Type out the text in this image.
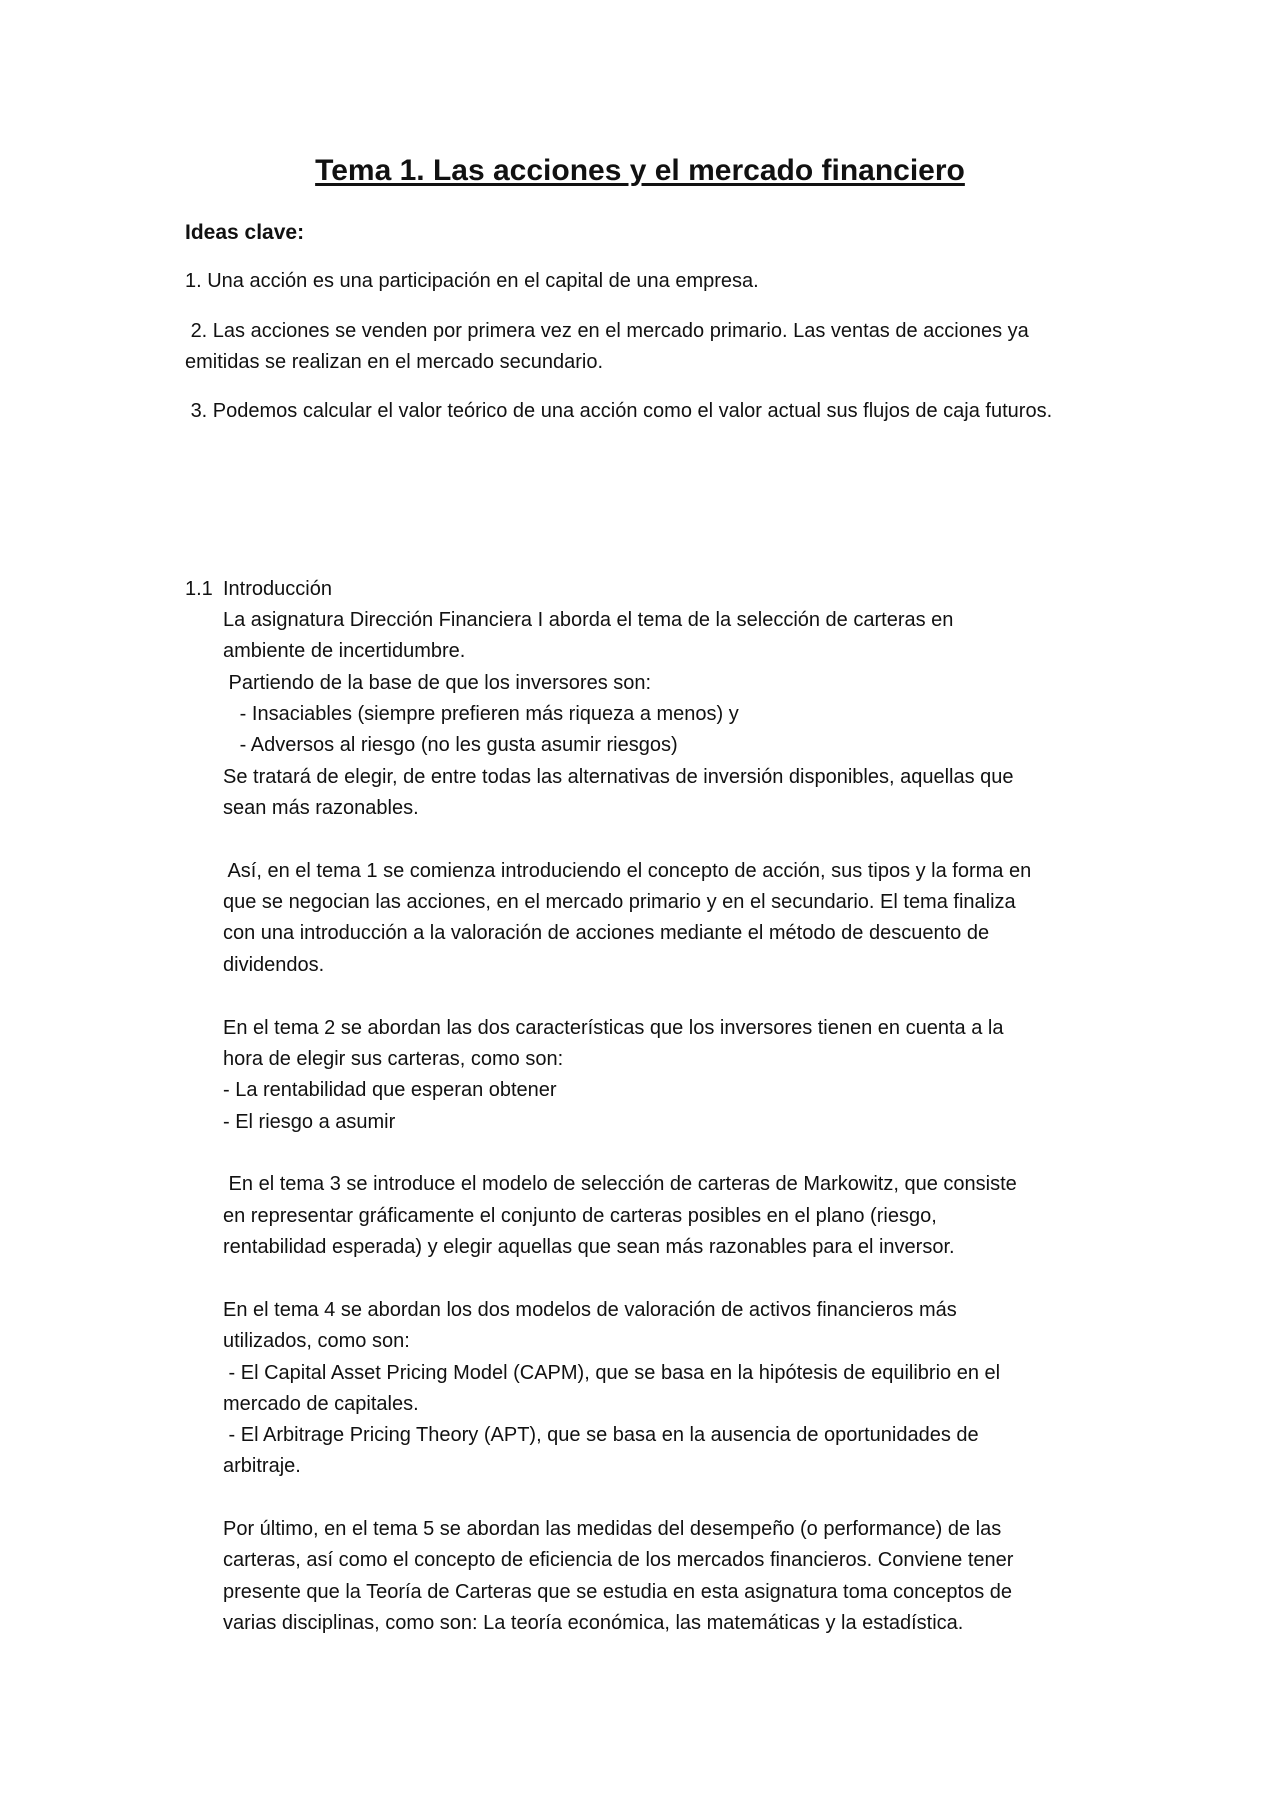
Tema 1. Las acciones y el mercado financiero
Ideas clave:

1. Una acción es una participación en el capital de una empresa.

2. Las acciones se venden por primera vez en el mercado primario. Las ventas de acciones ya emitidas se realizan en el mercado secundario.

3. Podemos calcular el valor teórico de una acción como el valor actual sus flujos de caja futuros.

1.1 Introducción

La asignatura Dirección Financiera I aborda el tema de la selección de carteras en

ambiente de incertidumbre.

Partiendo de la base de que los inversores son:

- Insaciables (siempre prefieren más riqueza a menos) y

- Adversos al riesgo (no les gusta asumir riesgos)

Se tratará de elegir, de entre todas las alternativas de inversión disponibles, aquellas que

sean más razonables.

Así, en el tema 1 se comienza introduciendo el concepto de acción, sus tipos y la forma en

que se negocian las acciones, en el mercado primario y en el secundario. El tema finaliza

con una introducción a la valoración de acciones mediante el método de descuento de

dividendos.

En el tema 2 se abordan las dos características que los inversores tienen en cuenta a la

hora de elegir sus carteras, como son:

- La rentabilidad que esperan obtener

- El riesgo a asumir

En el tema 3 se introduce el modelo de selección de carteras de Markowitz, que consiste

en representar gráficamente el conjunto de carteras posibles en el plano (riesgo,

rentabilidad esperada) y elegir aquellas que sean más razonables para el inversor.

En el tema 4 se abordan los dos modelos de valoración de activos financieros más

utilizados, como son:

- El Capital Asset Pricing Model (CAPM), que se basa en la hipótesis de equilibrio en el

mercado de capitales.

- El Arbitrage Pricing Theory (APT), que se basa en la ausencia de oportunidades de

arbitraje.

Por último, en el tema 5 se abordan las medidas del desempeño (o performance) de las

carteras, así como el concepto de eficiencia de los mercados financieros. Conviene tener

presente que la Teoría de Carteras que se estudia en esta asignatura toma conceptos de

varias disciplinas, como son: La teoría económica, las matemáticas y la estadística.
